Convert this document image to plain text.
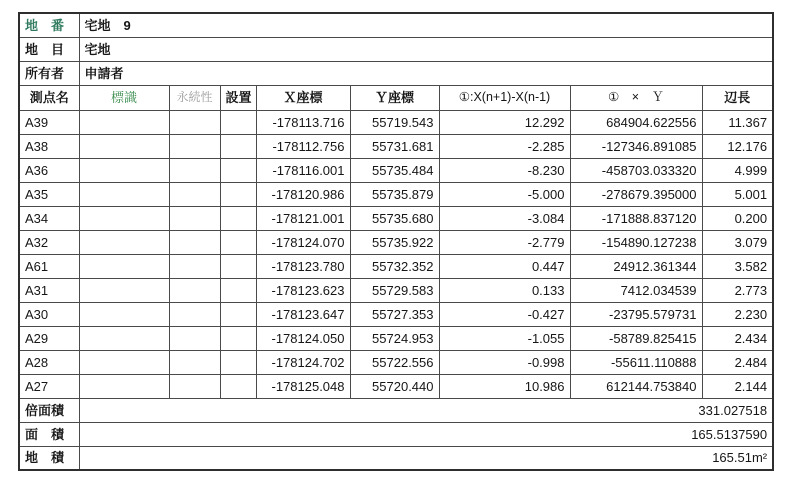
地　番	宅地　9							
地　目	宅地							
所有者	申請者							
測点名	標識	永続性	設置	Ｘ座標	Ｙ座標	①:X(n+1)-X(n-1)	①　×　Ｙ	辺長
A39				-178113.716	55719.543	12.292	684904.622556	11.367
A38				-178112.756	55731.681	-2.285	-127346.891085	12.176
A36				-178116.001	55735.484	-8.230	-458703.033320	4.999
A35				-178120.986	55735.879	-5.000	-278679.395000	5.001
A34				-178121.001	55735.680	-3.084	-171888.837120	0.200
A32				-178124.070	55735.922	-2.779	-154890.127238	3.079
A61				-178123.780	55732.352	0.447	24912.361344	3.582
A31				-178123.623	55729.583	0.133	7412.034539	2.773
A30				-178123.647	55727.353	-0.427	-23795.579731	2.230
A29				-178124.050	55724.953	-1.055	-58789.825415	2.434
A28				-178124.702	55722.556	-0.998	-55611.110888	2.484
A27				-178125.048	55720.440	10.986	612144.753840	2.144
倍面積	331.027518							
面　積	165.5137590							
地　積	165.51m²							
